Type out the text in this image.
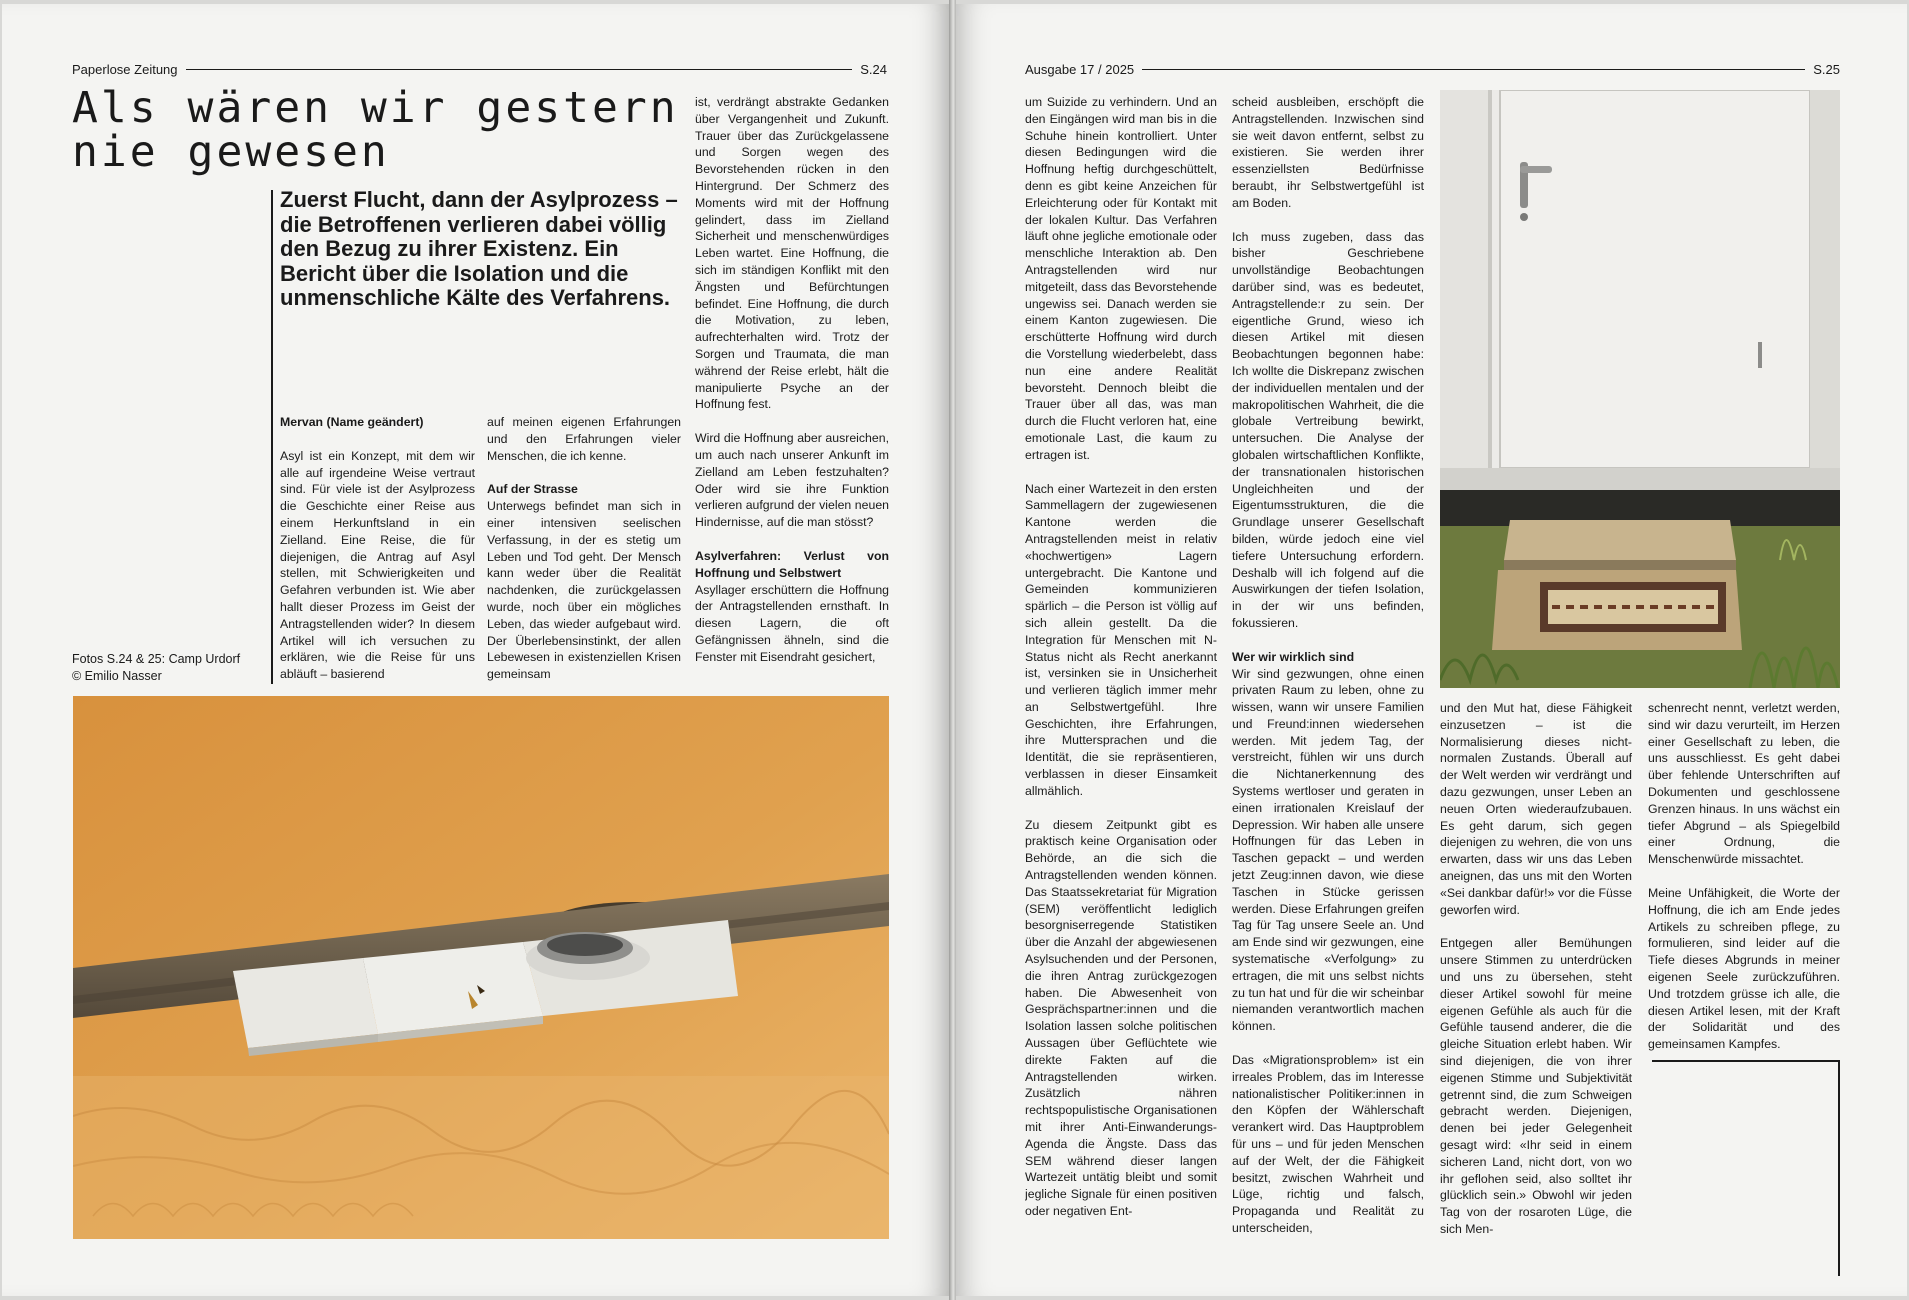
Paperlose Zeitung	S.24
Als wären wir gestern nie gewesen
Zuerst Flucht, dann der Asylprozess – die Betroffenen verlieren dabei völlig den Bezug zu ihrer Existenz. Ein Bericht über die Isolation und die unmenschliche Kälte des Verfahrens.

Mervan (Name geändert)

Asyl ist ein Konzept, mit dem wir alle auf irgendeine Weise vertraut sind. Für viele ist der Asylprozess die Geschichte einer Reise aus einem Herkunftsland in ein Zielland. Eine Reise, die für diejenigen, die Antrag auf Asyl stellen, mit Schwierigkeiten und Gefahren verbunden ist. Wie aber hallt dieser Prozess im Geist der Antragstellenden wider? In diesem Artikel will ich versuchen zu erklären, wie die Reise für uns abläuft – basierend

auf meinen eigenen Erfahrungen und den Erfahrungen vieler Menschen, die ich kenne.

Auf der Strasse

Unterwegs befindet man sich in einer intensiven seelischen Verfassung, in der es stetig um Leben und Tod geht. Der Mensch kann weder über die Realität nachdenken, die zurückgelassen wurde, noch über ein mögliches Leben, das wieder aufgebaut wird. Der Überlebensinstinkt, der allen Lebewesen in existenziellen Krisen gemeinsam

ist, verdrängt abstrakte Gedanken über Vergangenheit und Zukunft. Trauer über das Zurückgelassene und Sorgen wegen des Bevorstehenden rücken in den Hintergrund. Der Schmerz des Moments wird mit der Hoffnung gelindert, dass im Zielland Sicherheit und menschenwürdiges Leben wartet. Eine Hoffnung, die sich im ständigen Konflikt mit den Ängsten und Befürchtungen befindet. Eine Hoffnung, die durch die Motivation, zu leben, aufrechterhalten wird. Trotz der Sorgen und Traumata, die man während der Reise erlebt, hält die manipulierte Psyche an der Hoffnung fest.

Wird die Hoffnung aber ausreichen, um auch nach unserer Ankunft im Zielland am Leben festzuhalten? Oder wird sie ihre Funktion verlieren aufgrund der vielen neuen Hindernisse, auf die man stösst?

Asylverfahren: Verlust von Hoffnung und Selbstwert

Asyllager erschüttern die Hoffnung der Antragstellenden ernsthaft. In diesen Lagern, die oft Gefängnissen ähneln, sind die Fenster mit Eisendraht gesichert,

Fotos S.24 & 25: Camp Urdorf
© Emilio Nasser
Ausgabe 17 / 2025	S.25

um Suizide zu verhindern. Und an den Eingängen wird man bis in die Schuhe hinein kontrolliert. Unter diesen Bedingungen wird die Hoffnung heftig durchgeschüttelt, denn es gibt keine Anzeichen für Erleichterung oder für Kontakt mit der lokalen Kultur. Das Verfahren läuft ohne jegliche emotionale oder menschliche Interaktion ab. Den Antragstellenden wird nur mitgeteilt, dass das Bevorstehende ungewiss sei. Danach werden sie einem Kanton zugewiesen. Die erschütterte Hoffnung wird durch die Vorstellung wiederbelebt, dass nun eine andere Realität bevorsteht. Dennoch bleibt die Trauer über all das, was man durch die Flucht verloren hat, eine emotionale Last, die kaum zu ertragen ist.

Nach einer Wartezeit in den ersten Sammellagern der zugewiesenen Kantone werden die Antragstellenden meist in relativ «hochwertigen» Lagern untergebracht. Die Kantone und Gemeinden kommunizieren spärlich – die Person ist völlig auf sich allein gestellt. Da die Integration für Menschen mit N-Status nicht als Recht anerkannt ist, versinken sie in Unsicherheit und verlieren täglich immer mehr an Selbstwertgefühl. Ihre Geschichten, ihre Erfahrungen, ihre Muttersprachen und die Identität, die sie repräsentieren, verblassen in dieser Einsamkeit allmählich.

Zu diesem Zeitpunkt gibt es praktisch keine Organisation oder Behörde, an die sich die Antragstellenden wenden können. Das Staatssekretariat für Migration (SEM) veröffentlicht lediglich besorgniserregende Statistiken über die Anzahl der abgewiesenen Asylsuchenden und der Personen, die ihren Antrag zurückgezogen haben. Die Abwesenheit von Gesprächspartner:innen und die Isolation lassen solche politischen Aussagen über Geflüchtete wie direkte Fakten auf die Antragstellenden wirken. Zusätzlich nähren rechtspopulistische Organisationen mit ihrer Anti-Einwanderungs-Agenda die Ängste. Dass das SEM während dieser langen Wartezeit untätig bleibt und somit jegliche Signale für einen positiven oder negativen Ent-

scheid ausbleiben, erschöpft die Antragstellenden. Inzwischen sind sie weit davon entfernt, selbst zu existieren. Sie werden ihrer essenziellsten Bedürfnisse beraubt, ihr Selbstwertgefühl ist am Boden.

Ich muss zugeben, dass das bisher Geschriebene unvollständige Beobachtungen darüber sind, was es bedeutet, Antragstellende:r zu sein. Der eigentliche Grund, wieso ich diesen Artikel mit diesen Beobachtungen begonnen habe: Ich wollte die Diskrepanz zwischen der individuellen mentalen und der makropolitischen Wahrheit, die die globale Vertreibung bewirkt, untersuchen. Die Analyse der globalen wirtschaftlichen Konflikte, der transnationalen historischen Ungleichheiten und der Eigentumsstrukturen, die die Grundlage unserer Gesellschaft bilden, würde jedoch eine viel tiefere Untersuchung erfordern. Deshalb will ich folgend auf die Auswirkungen der tiefen Isolation, in der wir uns befinden, fokussieren.

Wer wir wirklich sind

Wir sind gezwungen, ohne einen privaten Raum zu leben, ohne zu wissen, wann wir unsere Familien und Freund:innen wiedersehen werden. Mit jedem Tag, der verstreicht, fühlen wir uns durch die Nichtanerkennung des Systems wertloser und geraten in einen irrationalen Kreislauf der Depression. Wir haben alle unsere Hoffnungen für das Leben in Taschen gepackt – und werden jetzt Zeug:innen davon, wie diese Taschen in Stücke gerissen werden. Diese Erfahrungen greifen Tag für Tag unsere Seele an. Und am Ende sind wir gezwungen, eine systematische «Verfolgung» zu ertragen, die mit uns selbst nichts zu tun hat und für die wir scheinbar niemanden verantwortlich machen können.

Das «Migrationsproblem» ist ein irreales Problem, das im Interesse nationalistischer Politiker:innen in den Köpfen der Wählerschaft verankert wird. Das Hauptproblem für uns – und für jeden Menschen auf der Welt, der die Fähigkeit besitzt, zwischen Wahrheit und Lüge, richtig und falsch, Propaganda und Realität zu unterscheiden,

und den Mut hat, diese Fähigkeit einzusetzen – ist die Normalisierung dieses nicht-normalen Zustands. Überall auf der Welt werden wir verdrängt und dazu gezwungen, unser Leben an neuen Orten wiederaufzubauen. Es geht darum, sich gegen diejenigen zu wehren, die von uns erwarten, dass wir uns das Leben aneignen, das uns mit den Worten «Sei dankbar dafür!» vor die Füsse geworfen wird.

Entgegen aller Bemühungen unsere Stimmen zu unterdrücken und uns zu übersehen, steht dieser Artikel sowohl für meine eigenen Gefühle als auch für die Gefühle tausend anderer, die die gleiche Situation erlebt haben. Wir sind diejenigen, die von ihrer eigenen Stimme und Subjektivität getrennt sind, die zum Schweigen gebracht werden. Diejenigen, denen bei jeder Gelegenheit gesagt wird: «Ihr seid in einem sicheren Land, nicht dort, von wo ihr geflohen seid, also solltet ihr glücklich sein.» Obwohl wir jeden Tag von der rosaroten Lüge, die sich Men-

schenrecht nennt, verletzt werden, sind wir dazu verurteilt, im Herzen einer Gesellschaft zu leben, die uns ausschliesst. Es geht dabei über fehlende Unterschriften auf Dokumenten und geschlossene Grenzen hinaus. In uns wächst ein tiefer Abgrund – als Spiegelbild einer Ordnung, die Menschenwürde missachtet.

Meine Unfähigkeit, die Worte der Hoffnung, die ich am Ende jedes Artikels zu schreiben pflege, zu formulieren, sind leider auf die Tiefe dieses Abgrunds in meiner eigenen Seele zurückzuführen. Und trotzdem grüsse ich alle, die diesen Artikel lesen, mit der Kraft der Solidarität und des gemeinsamen Kampfes.
